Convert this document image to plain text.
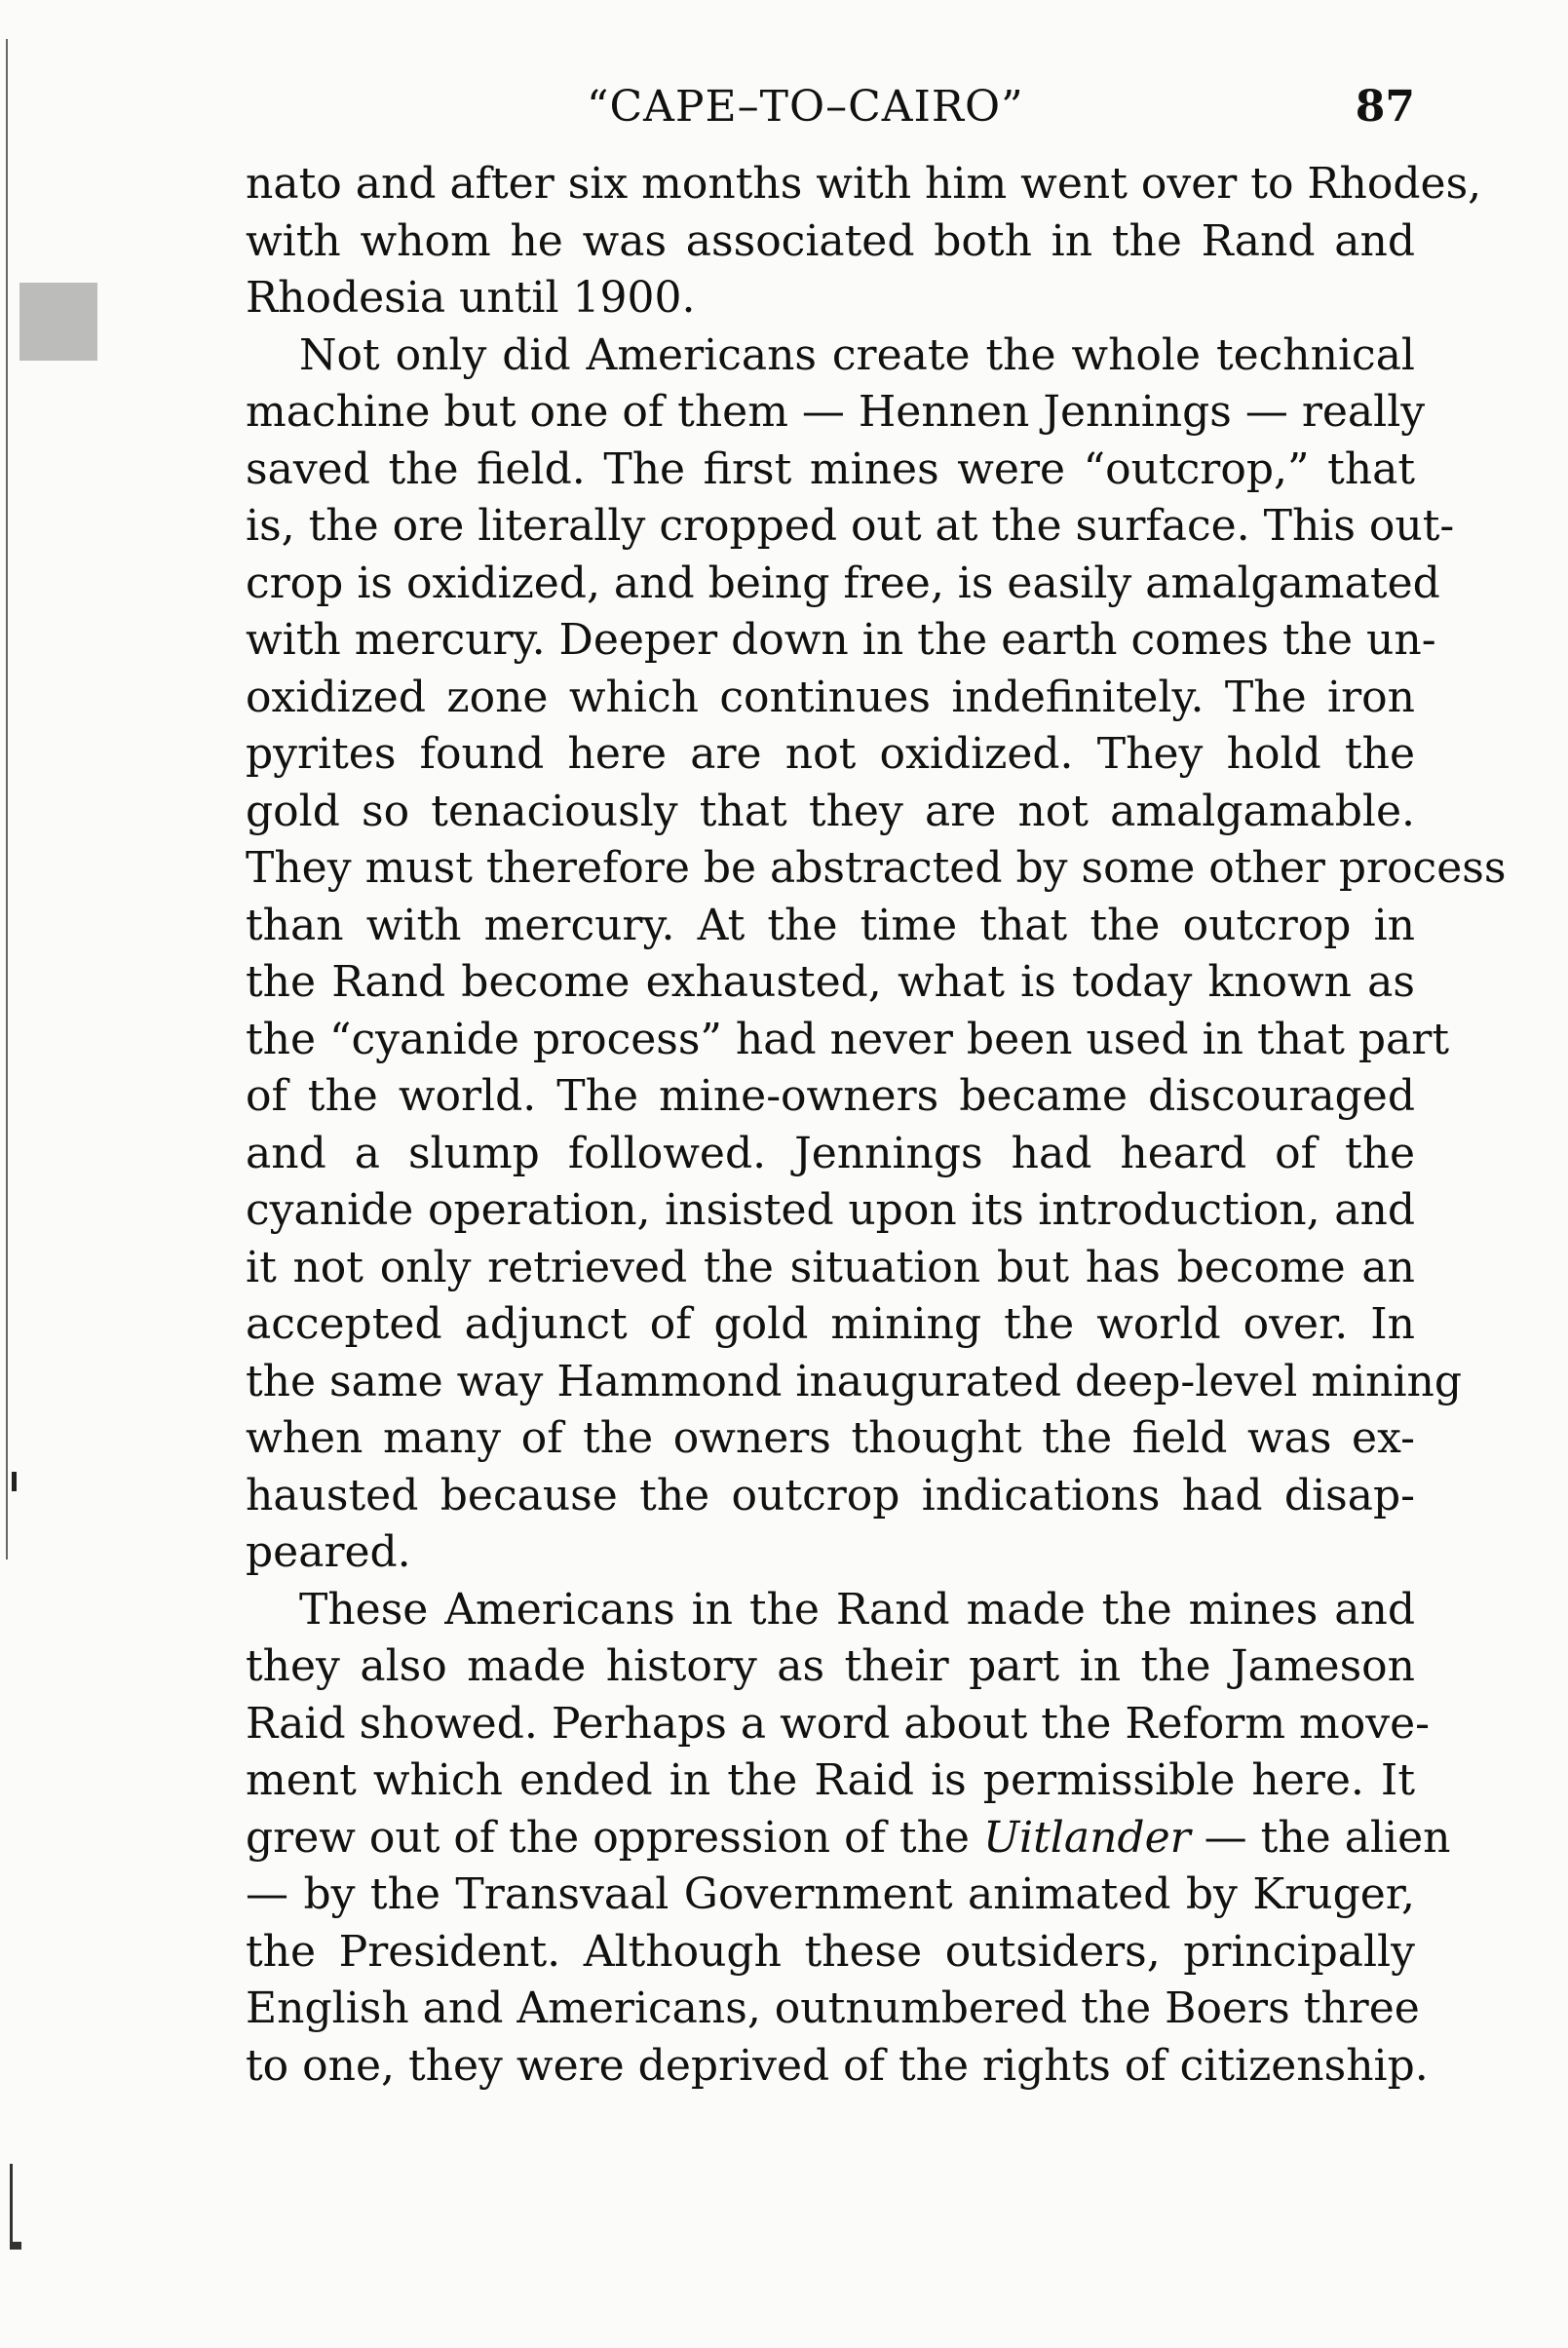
“CAPE–TO–CAIRO”	87
nato and after six months with him went over to Rhodes,
with whom he was associated both in the Rand and
Rhodesia until 1900.
Not only did Americans create the whole technical
machine but one of them — Hennen Jennings — really
saved the field. The first mines were “outcrop,” that
is, the ore literally cropped out at the surface. This out-
crop is oxidized, and being free, is easily amalgamated
with mercury. Deeper down in the earth comes the un-
oxidized zone which continues indefinitely. The iron
pyrites found here are not oxidized. They hold the
gold so tenaciously that they are not amalgamable.
They must therefore be abstracted by some other process
than with mercury. At the time that the outcrop in
the Rand become exhausted, what is today known as
the “cyanide process” had never been used in that part
of the world. The mine-owners became discouraged
and a slump followed. Jennings had heard of the
cyanide operation, insisted upon its introduction, and
it not only retrieved the situation but has become an
accepted adjunct of gold mining the world over. In
the same way Hammond inaugurated deep-level mining
when many of the owners thought the field was ex-
hausted because the outcrop indications had disap-
peared.
These Americans in the Rand made the mines and
they also made history as their part in the Jameson
Raid showed. Perhaps a word about the Reform move-
ment which ended in the Raid is permissible here. It
grew out of the oppression of the Uitlander — the alien
— by the Transvaal Government animated by Kruger,
the President. Although these outsiders, principally
English and Americans, outnumbered the Boers three
to one, they were deprived of the rights of citizenship.
